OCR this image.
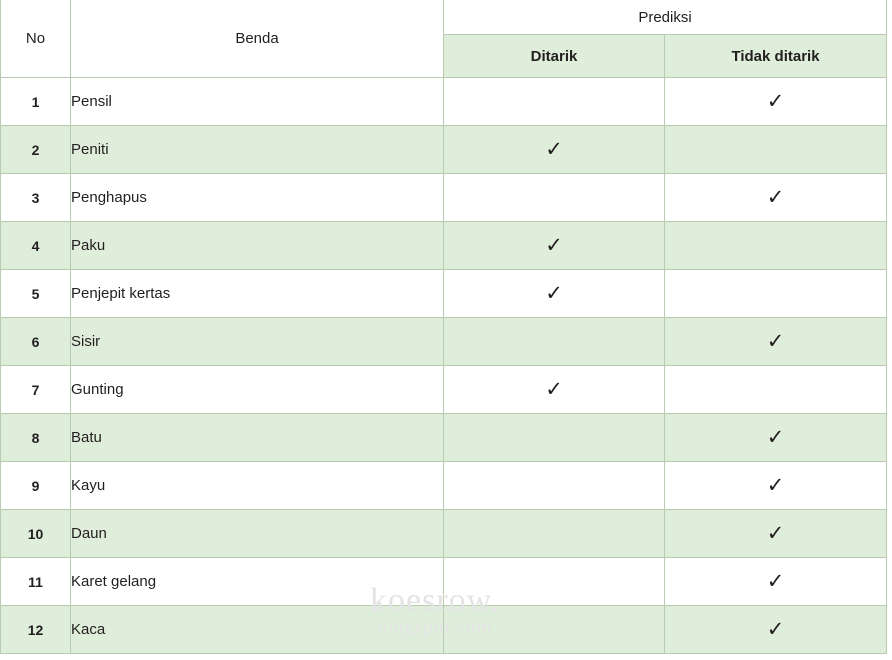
No	Benda	Prediksi	
		Ditarik	Tidak ditarik
1	Pensil		✓
2	Peniti	✓	
3	Penghapus		✓
4	Paku	✓	
5	Penjepit kertas	✓	
6	Sisir		✓
7	Gunting	✓	
8	Batu		✓
9	Kayu		✓
10	Daun		✓
11	Karet gelang		✓
12	Kaca		✓
koesrow.
blogspot.com
